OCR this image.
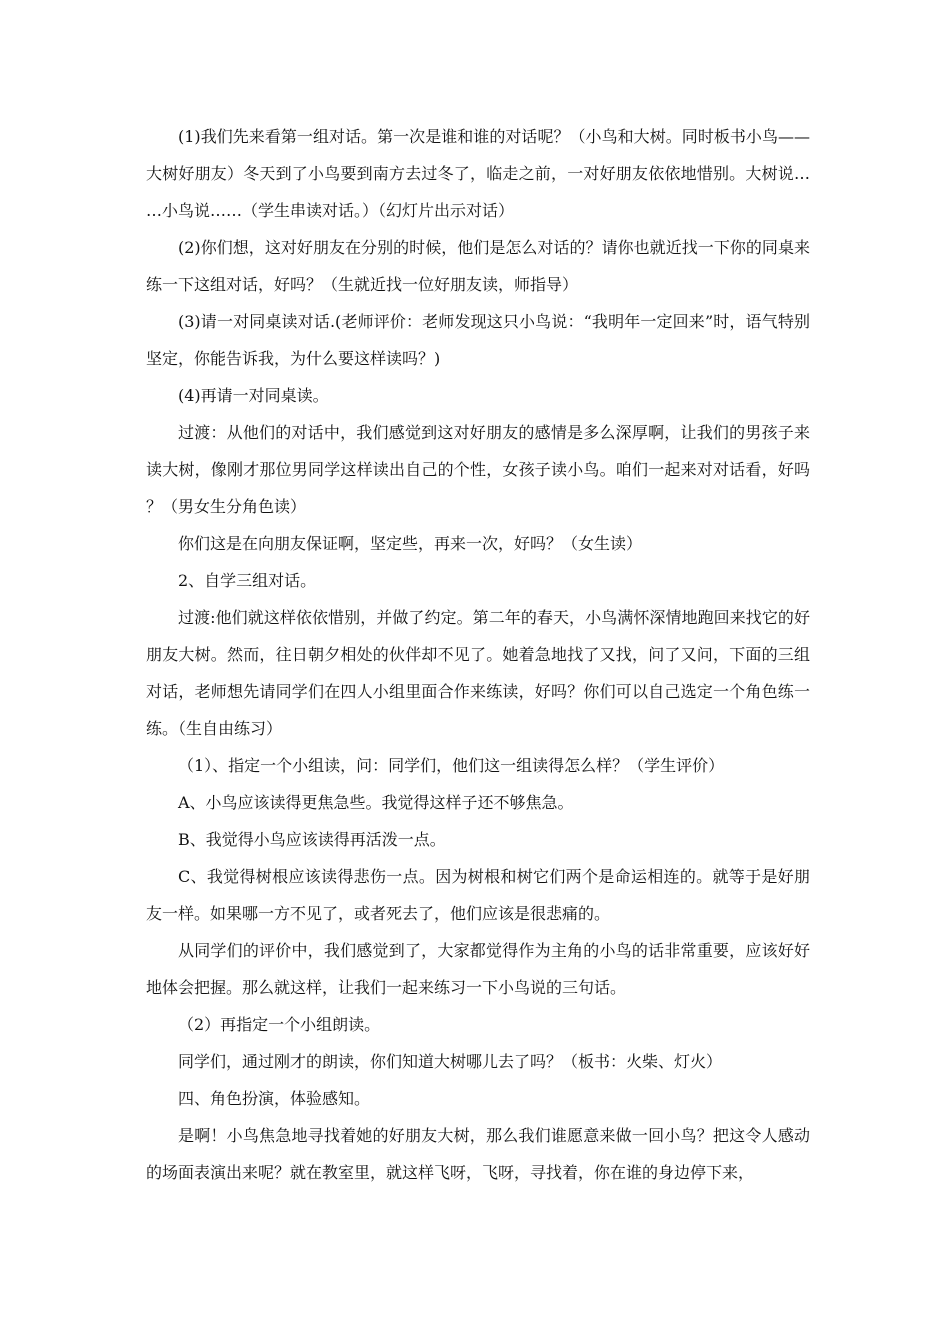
(1)我们先来看第一组对话。第一次是谁和谁的对话呢？（小鸟和大树。同时板书小鸟——大树好朋友）冬天到了小鸟要到南方去过冬了，临走之前，一对好朋友依依地惜别。大树说……小鸟说……（学生串读对话。）（幻灯片出示对话）

(2)你们想，这对好朋友在分别的时候，他们是怎么对话的？请你也就近找一下你的同桌来练一下这组对话，好吗？（生就近找一位好朋友读，师指导）

(3)请一对同桌读对话.(老师评价：老师发现这只小鸟说：“我明年一定回来”时，语气特别坚定，你能告诉我，为什么要这样读吗？)

(4)再请一对同桌读。

过渡：从他们的对话中，我们感觉到这对好朋友的感情是多么深厚啊，让我们的男孩子来读大树，像刚才那位男同学这样读出自己的个性，女孩子读小鸟。咱们一起来对对话看，好吗？（男女生分角色读）

你们这是在向朋友保证啊，坚定些，再来一次，好吗？（女生读）

2、自学三组对话。

过渡:他们就这样依依惜别，并做了约定。第二年的春天，小鸟满怀深情地跑回来找它的好朋友大树。然而，往日朝夕相处的伙伴却不见了。她着急地找了又找，问了又问，下面的三组对话，老师想先请同学们在四人小组里面合作来练读，好吗？你们可以自己选定一个角色练一练。（生自由练习）

（1）、指定一个小组读，问：同学们，他们这一组读得怎么样？（学生评价）

A、小鸟应该读得更焦急些。我觉得这样子还不够焦急。

B、我觉得小鸟应该读得再活泼一点。

C、我觉得树根应该读得悲伤一点。因为树根和树它们两个是命运相连的。就等于是好朋友一样。如果哪一方不见了，或者死去了，他们应该是很悲痛的。

从同学们的评价中，我们感觉到了，大家都觉得作为主角的小鸟的话非常重要，应该好好地体会把握。那么就这样，让我们一起来练习一下小鸟说的三句话。

（2）再指定一个小组朗读。

同学们，通过刚才的朗读，你们知道大树哪儿去了吗？（板书：火柴、灯火）

四、角色扮演，体验感知。

是啊！小鸟焦急地寻找着她的好朋友大树，那么我们谁愿意来做一回小鸟？把这令人感动的场面表演出来呢？就在教室里，就这样飞呀，飞呀，寻找着，你在谁的身边停下来，
